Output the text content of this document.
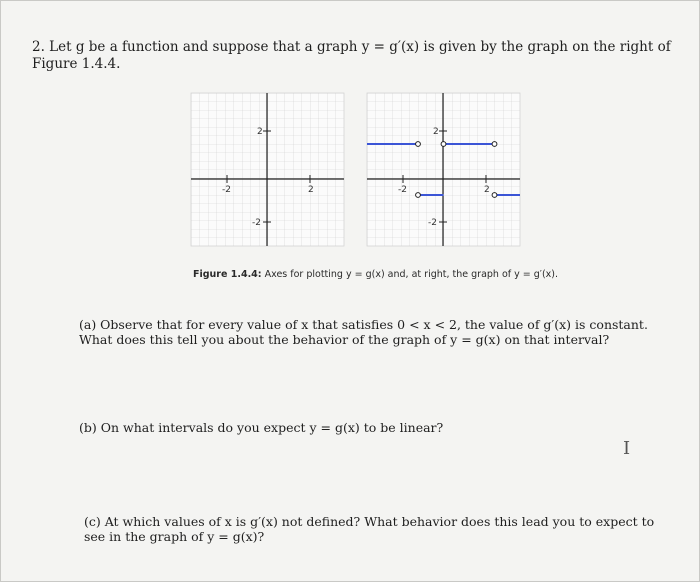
2. Let g be a function and suppose that a graph y = g′(x) is given by the graph on the right of Figure 1.4.4.
-2	2
2
-2
-2	2
2
-2
Figure 1.4.4: Axes for plotting y = g(x) and, at right, the graph of y = g′(x).
(a) Observe that for every value of x that satisfies 0 < x < 2, the value of g′(x) is constant. What does this tell you about the behavior of the graph of y = g(x) on that interval?
(b) On what intervals do you expect y = g(x) to be linear?
(c) At which values of x is g′(x) not defined? What behavior does this lead you to expect to see in the graph of y = g(x)?
I
